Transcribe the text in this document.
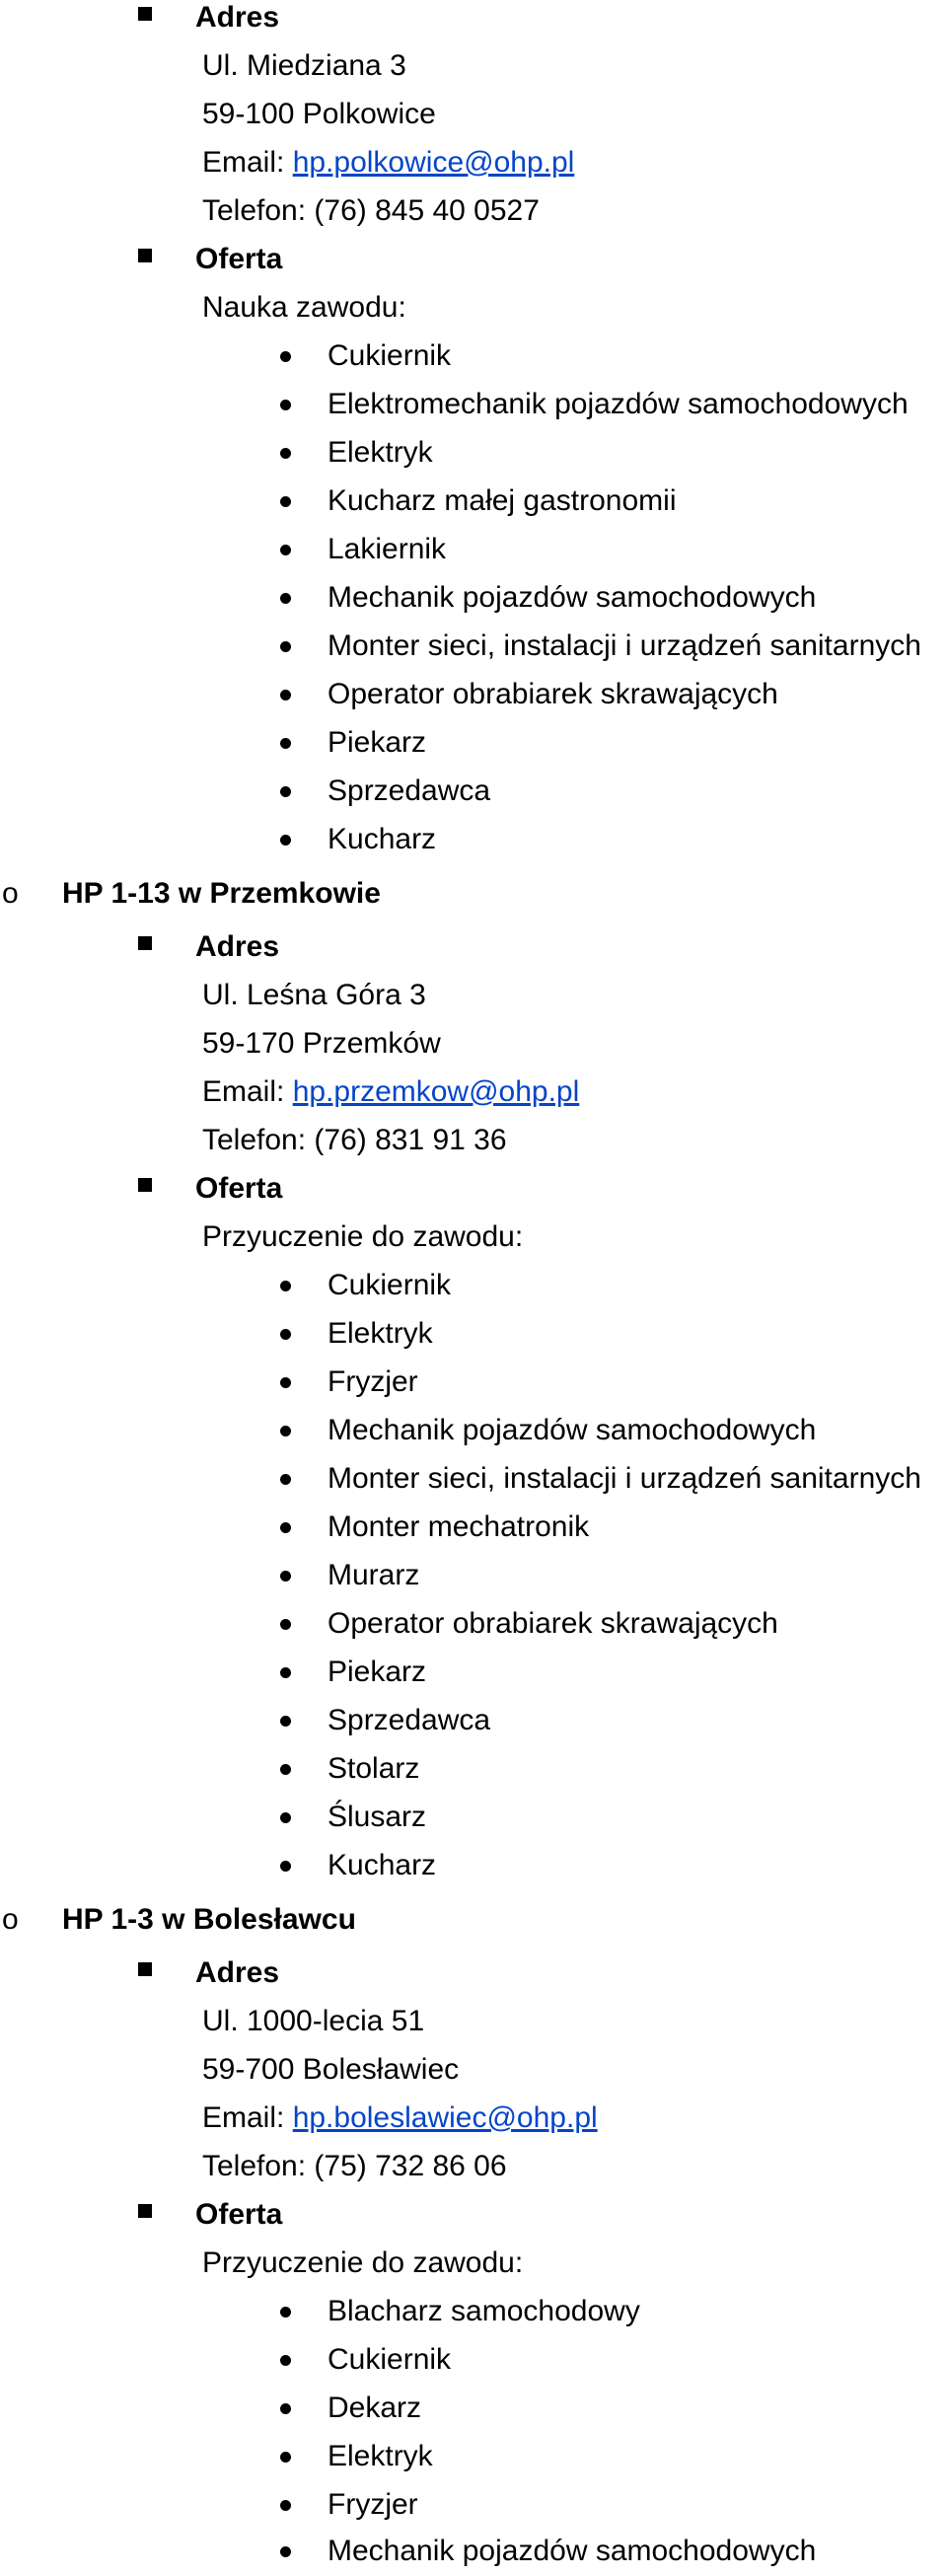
Adres
Ul. Miedziana 3
59-100 Polkowice
Email: hp.polkowice@ohp.pl
Telefon: (76) 845 40 0527
Oferta
Nauka zawodu:
Cukiernik
Elektromechanik pojazdów samochodowych
Elektryk
Kucharz małej gastronomii
Lakiernik
Mechanik pojazdów samochodowych
Monter sieci, instalacji i urządzeń sanitarnych
Operator obrabiarek skrawających
Piekarz
Sprzedawca
Kucharz
o HP 1-13 w Przemkowie
Adres
Ul. Leśna Góra 3
59-170 Przemków
Email: hp.przemkow@ohp.pl
Telefon: (76) 831 91 36
Oferta
Przyuczenie do zawodu:
Cukiernik
Elektryk
Fryzjer
Mechanik pojazdów samochodowych
Monter sieci, instalacji i urządzeń sanitarnych
Monter mechatronik
Murarz
Operator obrabiarek skrawających
Piekarz
Sprzedawca
Stolarz
Ślusarz
Kucharz
o HP 1-3 w Bolesławcu
Adres
Ul. 1000-lecia 51
59-700 Bolesławiec
Email: hp.boleslawiec@ohp.pl
Telefon: (75) 732 86 06
Oferta
Przyuczenie do zawodu:
Blacharz samochodowy
Cukiernik
Dekarz
Elektryk
Fryzjer
Mechanik pojazdów samochodowych
